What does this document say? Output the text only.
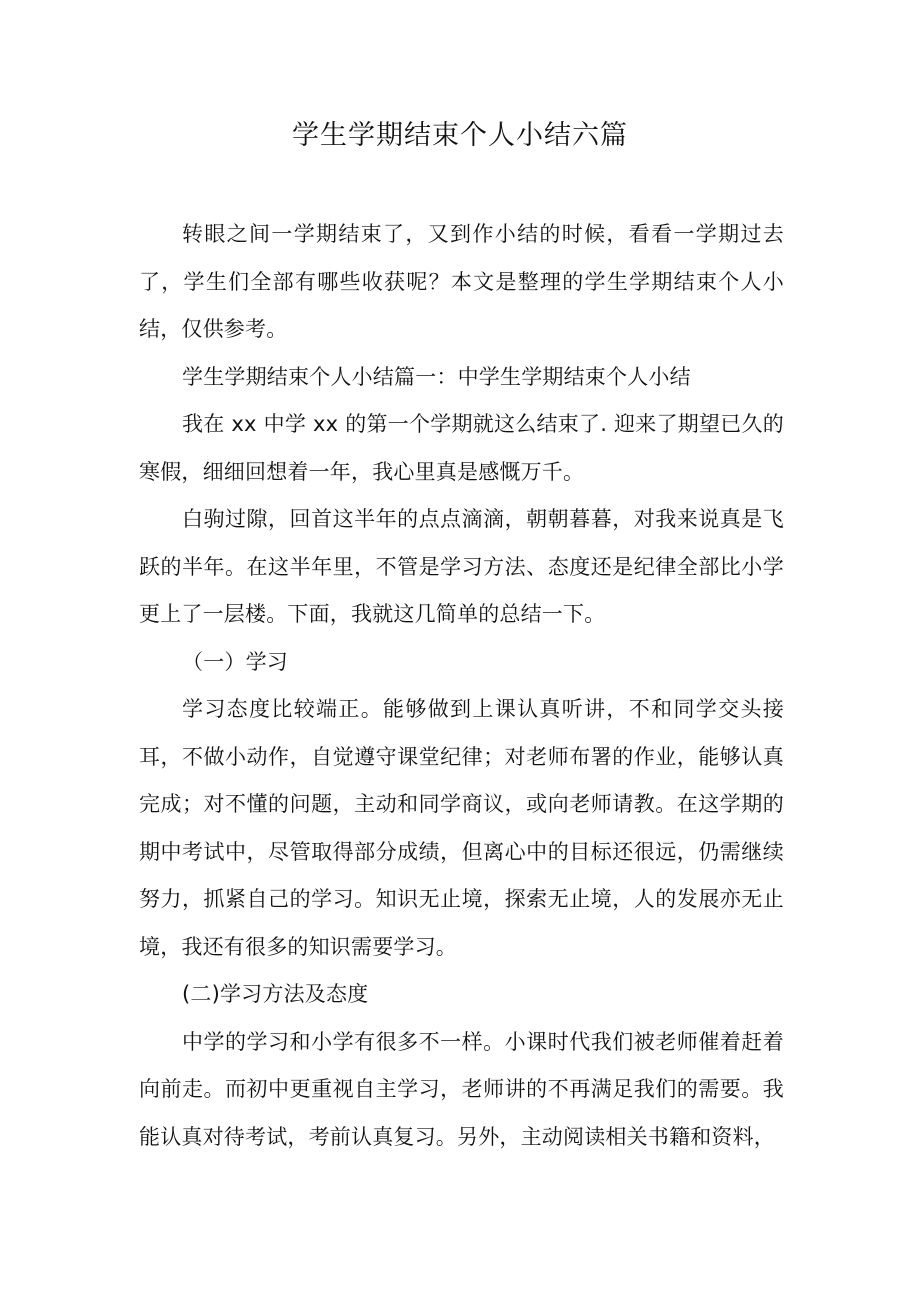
学生学期结束个人小结六篇

转眼之间一学期结束了，又到作小结的时候，看看一学期过去了，学生们全部有哪些收获呢？本文是整理的学生学期结束个人小结，仅供参考。

学生学期结束个人小结篇一：中学生学期结束个人小结

我在 xx 中学 xx 的第一个学期就这么结束了. 迎来了期望已久的寒假，细细回想着一年，我心里真是感慨万千。

白驹过隙，回首这半年的点点滴滴，朝朝暮暮，对我来说真是飞跃的半年。在这半年里，不管是学习方法、态度还是纪律全部比小学更上了一层楼。下面，我就这几简单的总结一下。

（一）学习

学习态度比较端正。能够做到上课认真听讲，不和同学交头接耳，不做小动作，自觉遵守课堂纪律；对老师布署的作业，能够认真完成；对不懂的问题，主动和同学商议，或向老师请教。在这学期的期中考试中，尽管取得部分成绩，但离心中的目标还很远，仍需继续努力，抓紧自己的学习。知识无止境，探索无止境，人的发展亦无止境，我还有很多的知识需要学习。

(二)学习方法及态度

中学的学习和小学有很多不一样。小课时代我们被老师催着赶着向前走。而初中更重视自主学习，老师讲的不再满足我们的需要。我能认真对待考试，考前认真复习。另外，主动阅读相关书籍和资料，
